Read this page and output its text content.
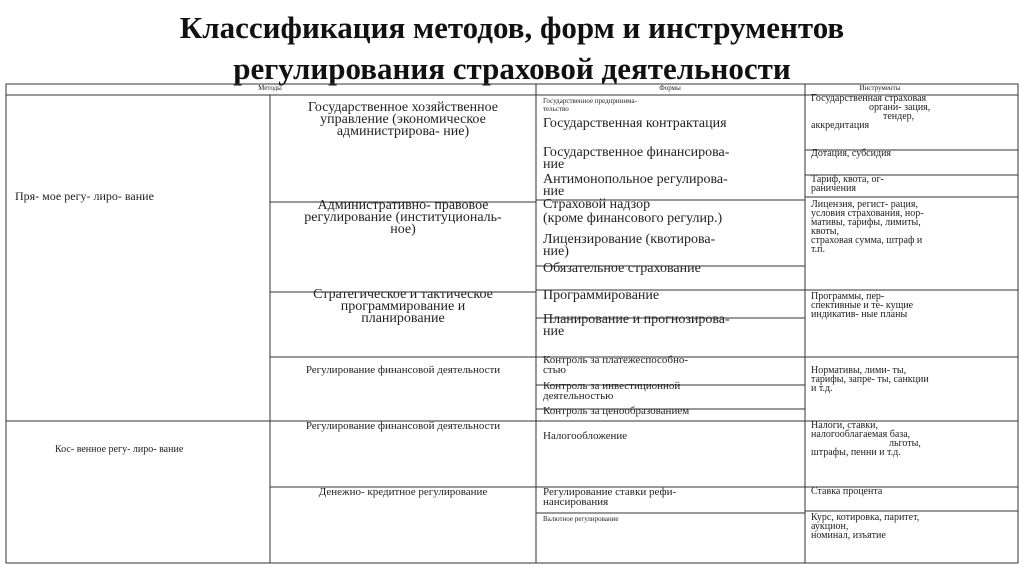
Классификация методов, форм и инструментов
регулирования страховой деятельности
Методы	Формы	Инструменты
Пря- мое регу- лиро- вание
Кос- венное регу- лиро- вание
Государственное хозяйственное
управление (экономическое
администрирова- ние)
Административно- правовое
регулирование (институциональ-
ное)
Стратегическое и тактическое
программирование и
планирование
Регулирование финансовой деятельности
Регулирование финансовой деятельности
Денежно- кредитное регулирование
Государственное предпринима-
тельство
Государственная контрактация
Государственное финансирова-
ние
Антимонопольное регулирова-
ние
Страховой надзор
(кроме финансового регулир.)
Лицензирование (квотирова-
ние)
Обязательное страхование
Программирование
Планирование и прогнозирова-
ние
Контроль за платежеспособно-
стью
Контроль за инвестиционной
деятельностью
Контроль за ценообразованием
Налогообложение
Регулирование ставки рефи-
нансирования
Валютное регулирование
Государственная страховая
органи- зация,
тендер,
аккредитация
Дотация, субсидия
Тариф, квота, ог-
раничения
Лицензия, регист- рация,
условия страхования, нор-
мативы, тарифы, лимиты,
квоты,
страховая сумма, штраф и
т.п.
Программы, пер-
спективные и те- кущие
индикатив- ные планы
Нормативы, лими- ты,
тарифы, запре- ты, санкции
и т.д.
Налоги, ставки,
налогооблагаемая база,
льготы,
штрафы, пенни и т.д.
Ставка процента
Курс, котировка, паритет,
аукцион,
номинал, изъятие
